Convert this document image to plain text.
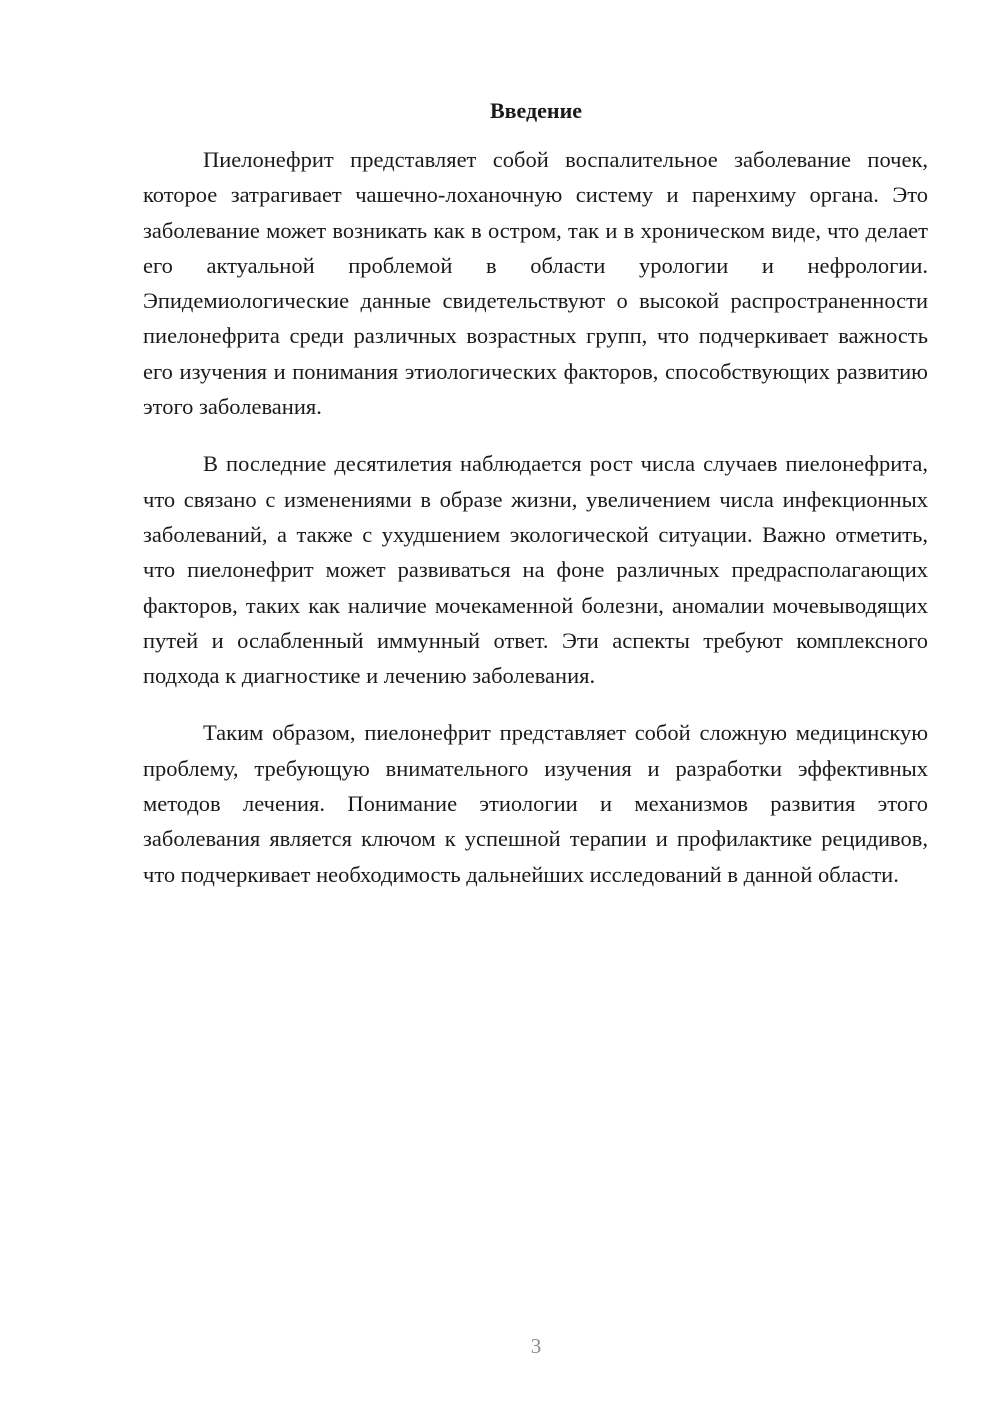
Введение

Пиелонефрит представляет собой воспалительное заболевание почек, которое затрагивает чашечно-лоханочную систему и паренхиму органа. Это заболевание может возникать как в остром, так и в хроническом виде, что делает его актуальной проблемой в области урологии и нефрологии. Эпидемиологические данные свидетельствуют о высокой распространенности пиелонефрита среди различных возрастных групп, что подчеркивает важность его изучения и понимания этиологических факторов, способствующих развитию этого заболевания.

В последние десятилетия наблюдается рост числа случаев пиелонефрита, что связано с изменениями в образе жизни, увеличением числа инфекционных заболеваний, а также с ухудшением экологической ситуации. Важно отметить, что пиелонефрит может развиваться на фоне различных предрасполагающих факторов, таких как наличие мочекаменной болезни, аномалии мочевыводящих путей и ослабленный иммунный ответ. Эти аспекты требуют комплексного подхода к диагностике и лечению заболевания.

Таким образом, пиелонефрит представляет собой сложную медицинскую проблему, требующую внимательного изучения и разработки эффективных методов лечения. Понимание этиологии и механизмов развития этого заболевания является ключом к успешной терапии и профилактике рецидивов, что подчеркивает необходимость дальнейших исследований в данной области.

3
